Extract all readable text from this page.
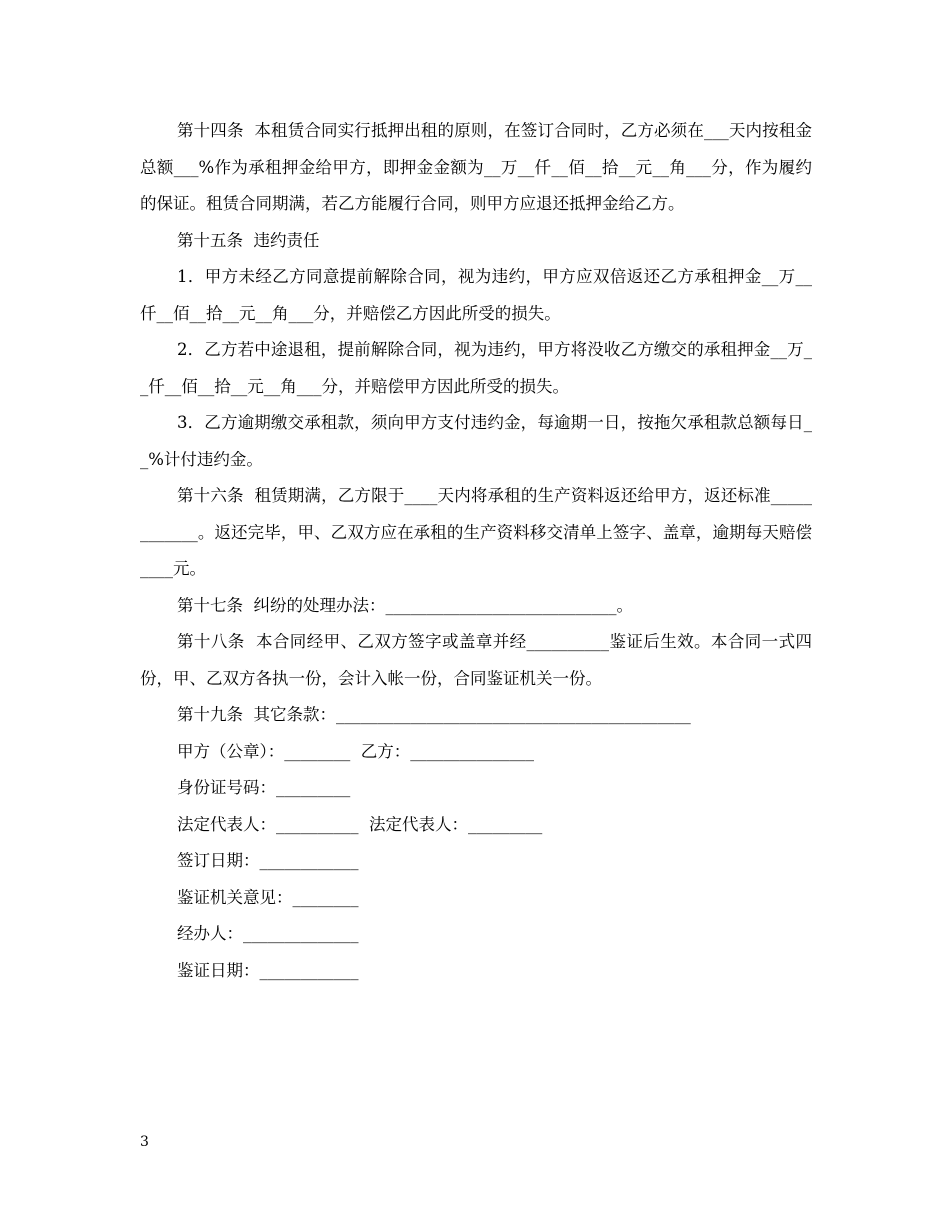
第十四条  本租赁合同实行抵押出租的原则，在签订合同时，乙方必须在___天内按租金总额___%作为承租押金给甲方，即押金金额为__万__仟__佰__拾__元__角___分，作为履约的保证。租赁合同期满，若乙方能履行合同，则甲方应退还抵押金给乙方。

第十五条  违约责任

1．甲方未经乙方同意提前解除合同，视为违约，甲方应双倍返还乙方承租押金__万__仟__佰__拾__元__角___分，并赔偿乙方因此所受的损失。

2．乙方若中途退租，提前解除合同，视为违约，甲方将没收乙方缴交的承租押金__万__仟__佰__拾__元__角___分，并赔偿甲方因此所受的损失。

3．乙方逾期缴交承租款，须向甲方支付违约金，每逾期一日，按拖欠承租款总额每日__%计付违约金。

第十六条  租赁期满，乙方限于____天内将承租的生产资料返还给甲方，返还标准____________。返还完毕，甲、乙双方应在承租的生产资料移交清单上签字、盖章，逾期每天赔偿____元。

第十七条  纠纷的处理办法：____________________________。

第十八条  本合同经甲、乙双方签字或盖章并经__________鉴证后生效。本合同一式四份，甲、乙双方各执一份，会计入帐一份，合同鉴证机关一份。

第十九条  其它条款：___________________________________________

甲方（公章）：________  乙方：_______________

身份证号码：_________

法定代表人：__________  法定代表人：_________

签订日期：____________

鉴证机关意见：________

经办人：______________

鉴证日期：____________

3
